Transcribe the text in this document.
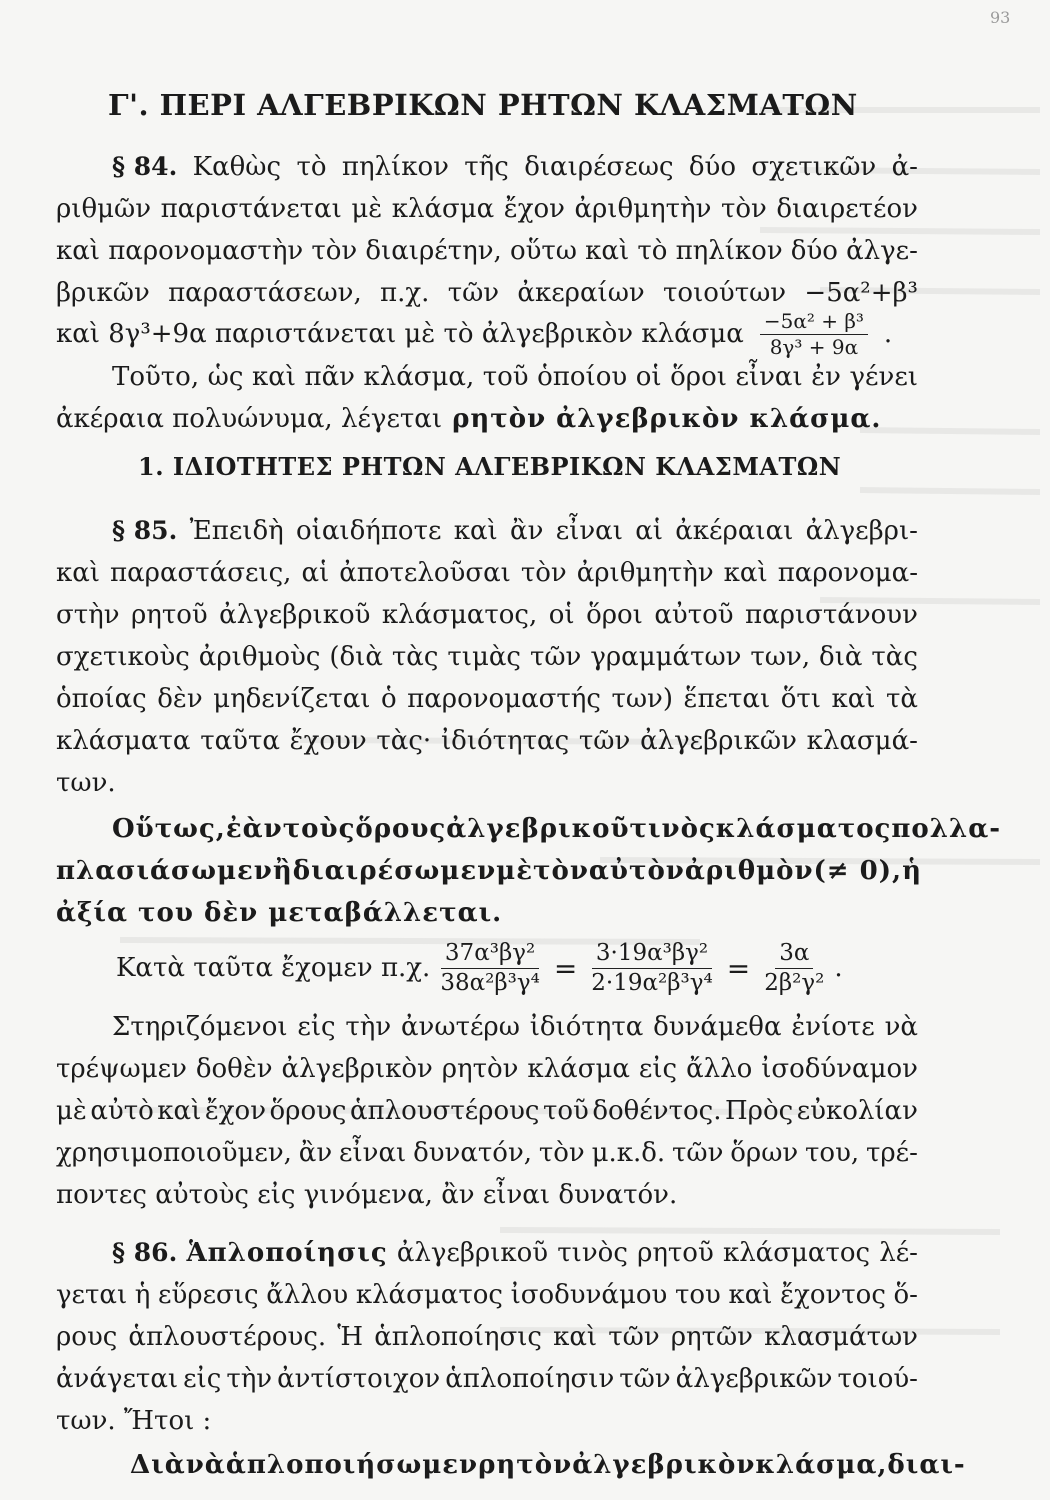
93
Γ'. ΠΕΡΙ ΑΛΓΕΒΡΙΚΩΝ ΡΗΤΩΝ ΚΛΑΣΜΑΤΩΝ
§ 84. Καθὼς τὸ πηλίκον τῆς διαιρέσεως δύο σχετικῶν ἀ-
ριθμῶν παριστάνεται μὲ κλάσμα ἔχον ἀριθμητὴν τὸν διαιρετέον
καὶ παρονομαστὴν τὸν διαιρέτην, οὕτω καὶ τὸ πηλίκον δύο ἀλγε-
βρικῶν παραστάσεων, π.χ. τῶν ἀκεραίων τοιούτων −5α²+β³
καὶ 8γ³+9α παριστάνεται μὲ τὸ ἀλγεβρικὸν κλάσμα $\frac{\text{−5α² + β³}}{\text{8γ³ + 9α}}$ .
Τοῦτο, ὡς καὶ πᾶν κλάσμα, τοῦ ὁποίου οἱ ὅροι εἶναι ἐν γένει
ἀκέραια πολυώνυμα, λέγεται ρητὸν ἀλγεβρικὸν κλάσμα.
1. ΙΔΙΟΤΗΤΕΣ ΡΗΤΩΝ ΑΛΓΕΒΡΙΚΩΝ ΚΛΑΣΜΑΤΩΝ
§ 85. Ἐπειδὴ οἱαιδήποτε καὶ ἂν εἶναι αἱ ἀκέραιαι ἀλγεβρι-
καὶ παραστάσεις, αἱ ἀποτελοῦσαι τὸν ἀριθμητὴν καὶ παρονομα-
στὴν ρητοῦ ἀλγεβρικοῦ κλάσματος, οἱ ὅροι αὐτοῦ παριστάνουν
σχετικοὺς ἀριθμοὺς (διὰ τὰς τιμὰς τῶν γραμμάτων των, διὰ τὰς
ὁποίας δὲν μηδενίζεται ὁ παρονομαστής των) ἕπεται ὅτι καὶ τὰ
κλάσματα ταῦτα ἔχουν τὰς· ἰδιότητας τῶν ἀλγεβρικῶν κλασμά-
των.
Οὕτως, ἐὰν τοὺς ὅρους ἀλγεβρικοῦ τινὸς κλάσματος πολλα-
πλασιάσωμεν ἢ διαιρέσωμεν μὲ τὸν αὐτὸν ἀριθμὸν (≠ 0), ἡ
ἀξία του δὲν μεταβάλλεται.
Κατὰ ταῦτα ἔχομεν π.χ. $\frac{\text{37α³βγ²}}{\text{38α²β³γ⁴}} = \frac{\text{3·19α³βγ²}}{\text{2·19α²β³γ⁴}} = \frac{3\alpha}{\text{2β²γ²}}$ .
Στηριζόμενοι εἰς τὴν ἀνωτέρω ἰδιότητα δυνάμεθα ἐνίοτε νὰ
τρέψωμεν δοθὲν ἀλγεβρικὸν ρητὸν κλάσμα εἰς ἄλλο ἰσοδύναμον
μὲ αὐτὸ καὶ ἔχον ὅρους ἁπλουστέρους τοῦ δοθέντος. Πρὸς εὐκολίαν
χρησιμοποιοῦμεν, ἂν εἶναι δυνατόν, τὸν μ.κ.δ. τῶν ὅρων του, τρέ-
ποντες αὐτοὺς εἰς γινόμενα, ἂν εἶναι δυνατόν.
§ 86. Ἁπλοποίησις ἀλγεβρικοῦ τινὸς ρητοῦ κλάσματος λέ-
γεται ἡ εὕρεσις ἄλλου κλάσματος ἰσοδυνάμου του καὶ ἔχοντος ὅ-
ρους ἁπλουστέρους. Ἡ ἁπλοποίησις καὶ τῶν ρητῶν κλασμάτων
ἀνάγεται εἰς τὴν ἀντίστοιχον ἁπλοποίησιν τῶν ἀλγεβρικῶν τοιού-
των. Ἤτοι :
Διὰ νὰ ἁπλοποιήσωμεν ρητὸν ἀλγεβρικὸν κλάσμα, διαι-
